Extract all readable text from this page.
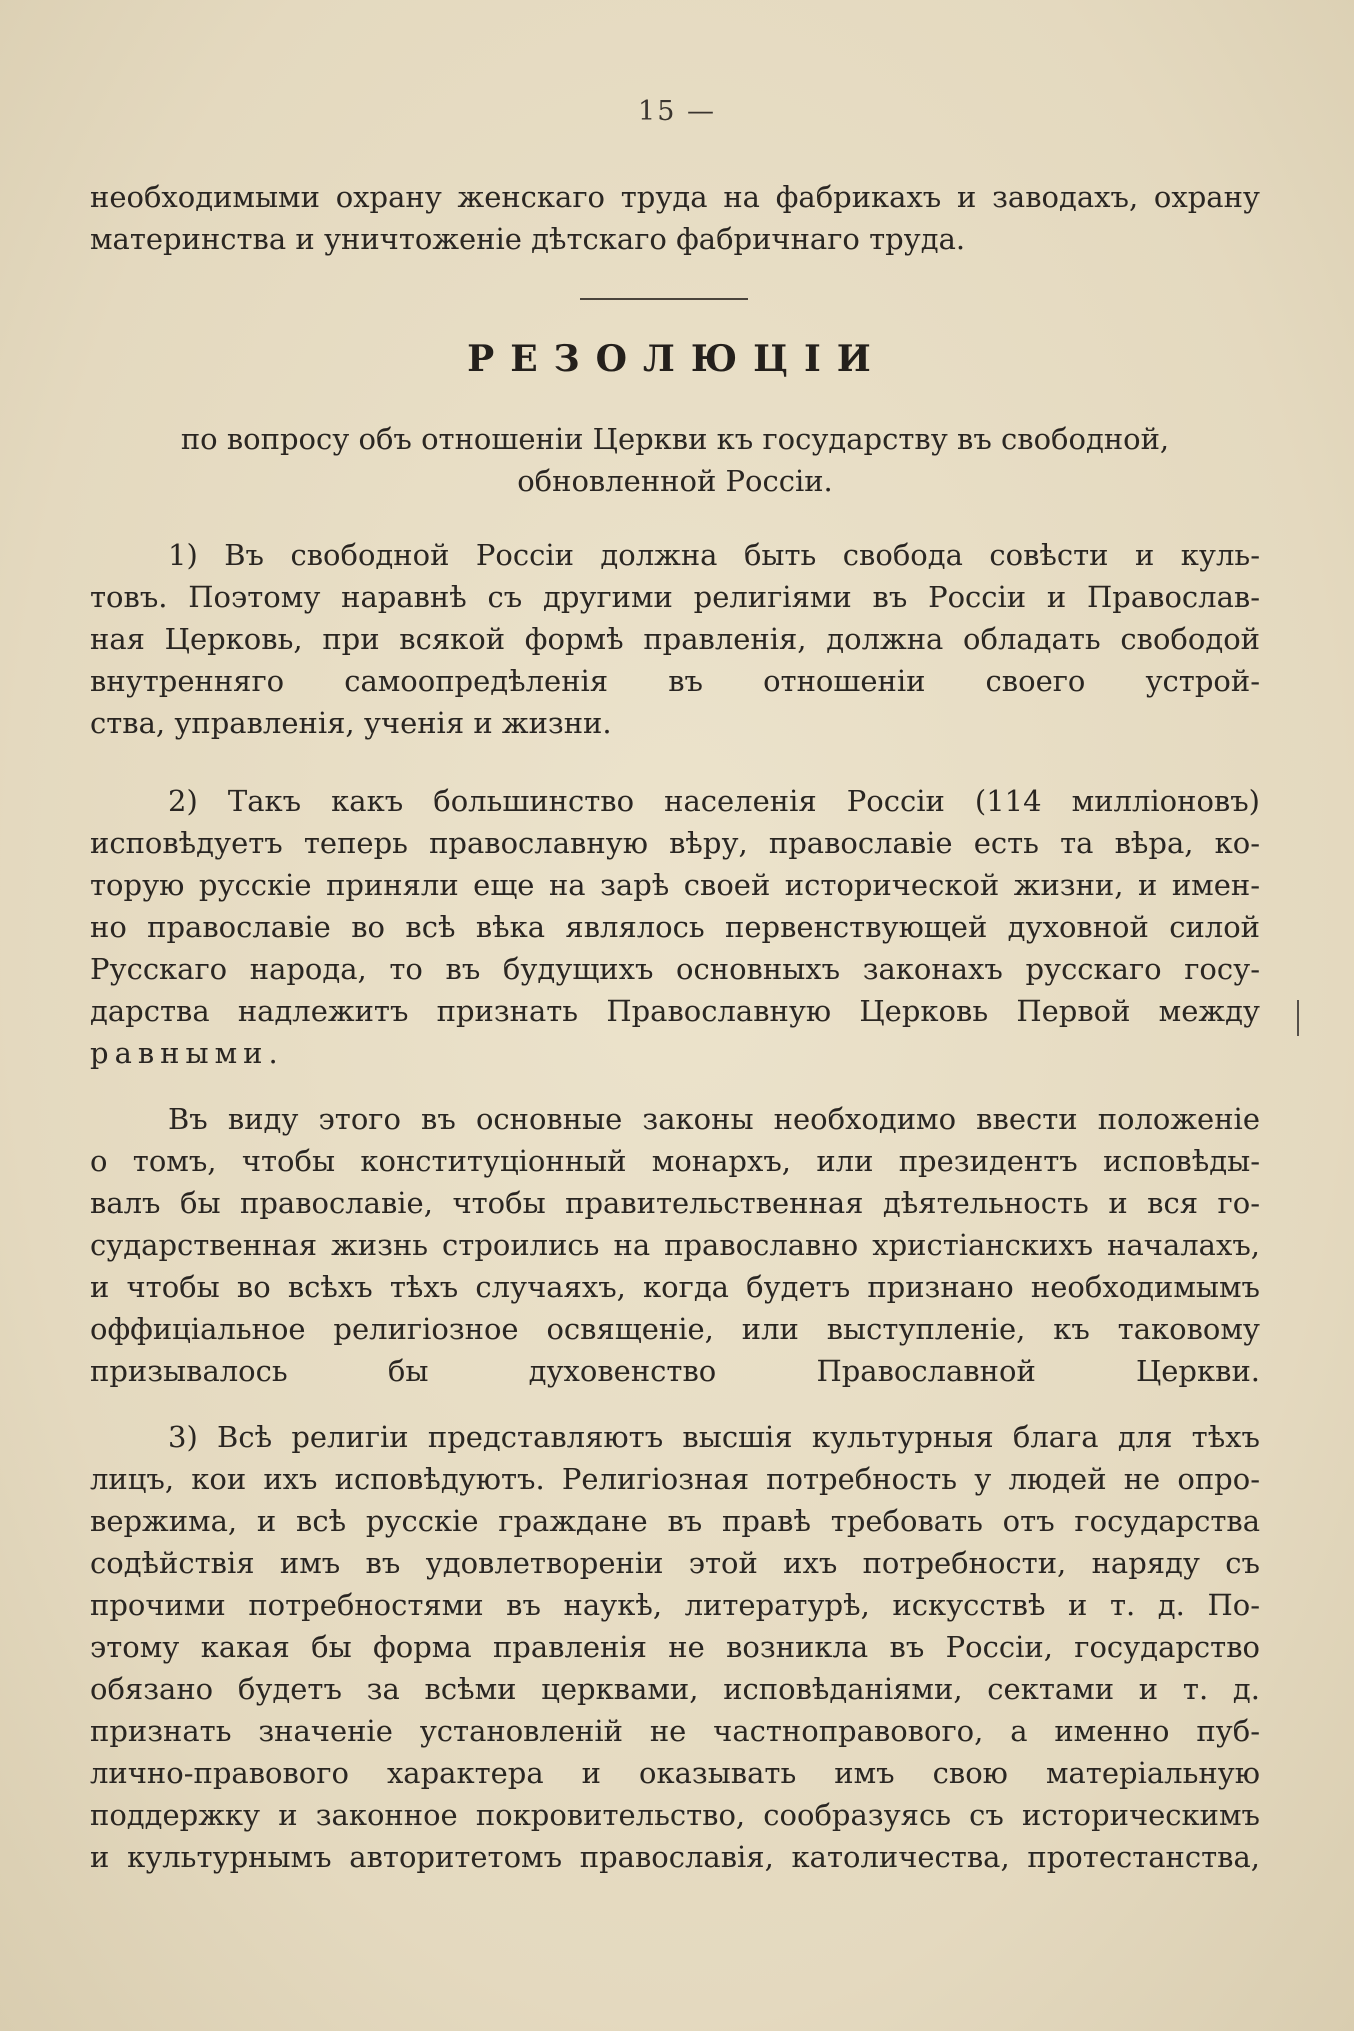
15 —
необходимыми охрану женскаго труда на фабрикахъ и заводахъ, охрану
материнства и уничтоженіе дѣтскаго фабричнаго труда.
РЕЗОЛЮЦІИ
по вопросу объ отношеніи Церкви къ государству въ свободной,
обновленной Россіи.
1) Въ свободной Россіи должна быть свобода совѣсти и куль-
товъ. Поэтому наравнѣ съ другими религіями въ Россіи и Православ-
ная Церковь, при всякой формѣ правленія, должна обладать свободой
внутренняго самоопредѣленія въ отношеніи своего устрой-
ства, управленія, ученія и жизни.
2) Такъ какъ большинство населенія Россіи (114 милліоновъ)
исповѣдуетъ теперь православную вѣру, православіе есть та вѣра, ко-
торую русскіе приняли еще на зарѣ своей исторической жизни, и имен-
но православіе во всѣ вѣка являлось первенствующей духовной силой
Русскаго народа, то въ будущихъ основныхъ законахъ русскаго госу-
дарства надлежитъ признать Православную Церковь Первой между
равными.
Въ виду этого въ основные законы необходимо ввести положеніе
о томъ, чтобы конституціонный монархъ, или президентъ исповѣды-
валъ бы православіе, чтобы правительственная дѣятельность и вся го-
сударственная жизнь строились на православно христіанскихъ началахъ,
и чтобы во всѣхъ тѣхъ случаяхъ, когда будетъ признано необходимымъ
оффиціальное религіозное освященіе, или выступленіе, къ таковому
призывалось бы духовенство Православной Церкви.
3) Всѣ религіи представляютъ высшія культурныя блага для тѣхъ
лицъ, кои ихъ исповѣдуютъ. Религіозная потребность у людей не опро-
вержима, и всѣ русскіе граждане въ правѣ требовать отъ государства
содѣйствія имъ въ удовлетвореніи этой ихъ потребности, наряду съ
прочими потребностями въ наукѣ, литературѣ, искусствѣ и т. д. По-
этому какая бы форма правленія не возникла въ Россіи, государство
обязано будетъ за всѣми церквами, исповѣданіями, сектами и т. д.
признать значеніе установленій не частноправового, а именно пуб-
лично-правового характера и оказывать имъ свою матеріальную
поддержку и законное покровительство, сообразуясь съ историческимъ
и культурнымъ авторитетомъ православія, католичества, протестанства,
